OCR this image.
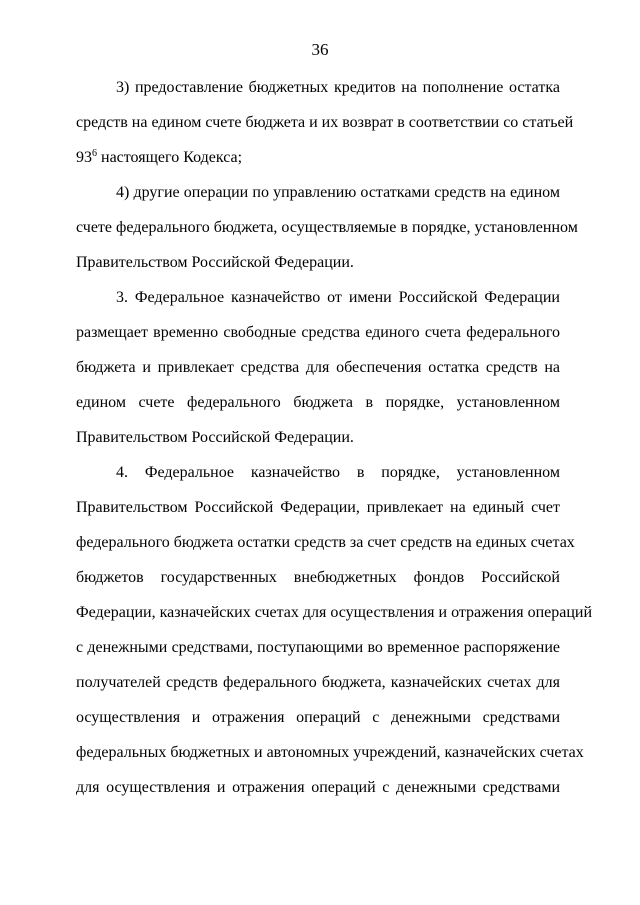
36
3) предоставление бюджетных кредитов на пополнение остатка
средств на едином счете бюджета и их возврат в соответствии со статьей
$93^6$ настоящего Кодекса;
4) другие операции по управлению остатками средств на едином
счете федерального бюджета, осуществляемые в порядке, установленном
Правительством Российской Федерации.
3. Федеральное казначейство от имени Российской Федерации
размещает временно свободные средства единого счета федерального
бюджета и привлекает средства для обеспечения остатка средств на
едином счете федерального бюджета в порядке, установленном
Правительством Российской Федерации.
4. Федеральное казначейство в порядке, установленном
Правительством Российской Федерации, привлекает на единый счет
федерального бюджета остатки средств за счет средств на единых счетах
бюджетов государственных внебюджетных фондов Российской
Федерации, казначейских счетах для осуществления и отражения операций
с денежными средствами, поступающими во временное распоряжение
получателей средств федерального бюджета, казначейских счетах для
осуществления и отражения операций с денежными средствами
федеральных бюджетных и автономных учреждений, казначейских счетах
для осуществления и отражения операций с денежными средствами
